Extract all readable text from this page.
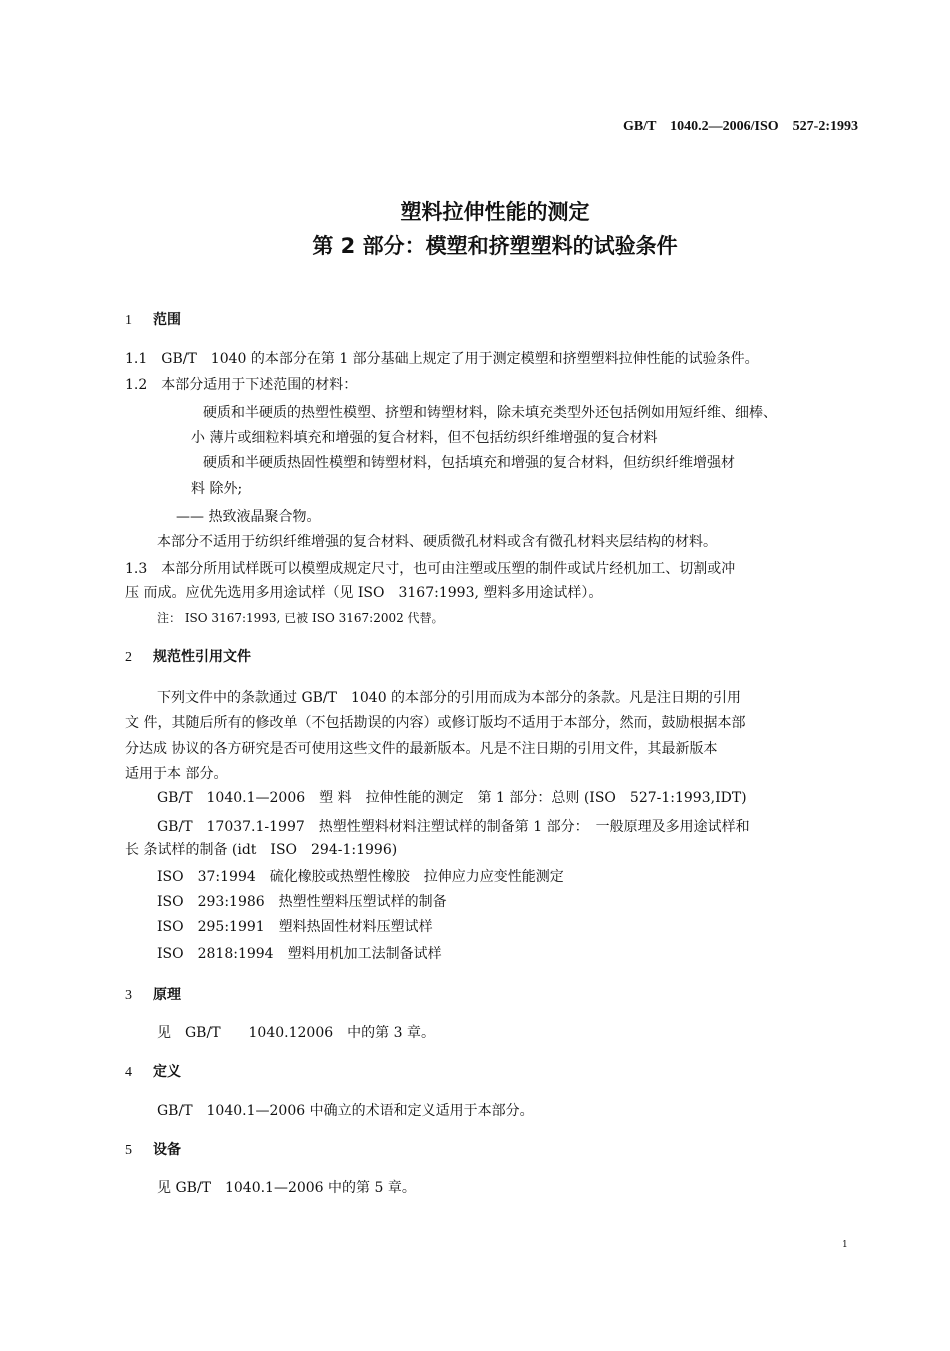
GB/T　1040.2—2006/ISO　527-2:1993
塑料拉伸性能的测定
第 2 部分：模塑和挤塑塑料的试验条件
1 范围
1.1　GB/T　1040 的本部分在第 1 部分基础上规定了用于测定模塑和挤塑塑料拉伸性能的试验条件。
1.2　本部分适用于下述范围的材料：
硬质和半硬质的热塑性模塑、挤塑和铸塑材料，除未填充类型外还包括例如用短纤维、细棒、
小 薄片或细粒料填充和增强的复合材料，但不包括纺织纤维增强的复合材料
硬质和半硬质热固性模塑和铸塑材料，包括填充和增强的复合材料，但纺织纤维增强材
料 除外;
—— 热致液晶聚合物。
本部分不适用于纺织纤维增强的复合材料、硬质微孔材料或含有微孔材料夹层结构的材料。
1.3　本部分所用试样既可以模塑成规定尺寸，也可由注塑或压塑的制件或试片经机加工、切割或冲
压 而成。应优先选用多用途试样（见 ISO　3167:1993, 塑料多用途试样）。
注： ISO 3167:1993, 已被 ISO 3167:2002 代替。
2 规范性引用文件
下列文件中的条款通过 GB/T　1040 的本部分的引用而成为本部分的条款。凡是注日期的引用
文 件，其随后所有的修改单（不包括勘误的内容）或修订版均不适用于本部分，然而，鼓励根据本部
分达成 协议的各方研究是否可使用这些文件的最新版本。凡是不注日期的引用文件，其最新版本
适用于本 部分。
GB/T　1040.1—2006　塑 料　拉伸性能的测定　第 1 部分：总则 (ISO　527-1:1993,IDT)
GB/T　17037.1-1997　热塑性塑料材料注塑试样的制备第 1 部分：　一般原理及多用途试样和
长 条试样的制备 (idt　ISO　294-1:1996)
ISO　37:1994　硫化橡胶或热塑性橡胶　拉伸应力应变性能测定
ISO　293:1986　热塑性塑料压塑试样的制备
ISO　295:1991　塑料热固性材料压塑试样
ISO　2818:1994　塑料用机加工法制备试样
3 原理
见　GB/T　　1040.12006　中的第 3 章。
4 定义
GB/T　1040.1—2006 中确立的术语和定义适用于本部分。
5 设备
见 GB/T　1040.1—2006 中的第 5 章。
1
